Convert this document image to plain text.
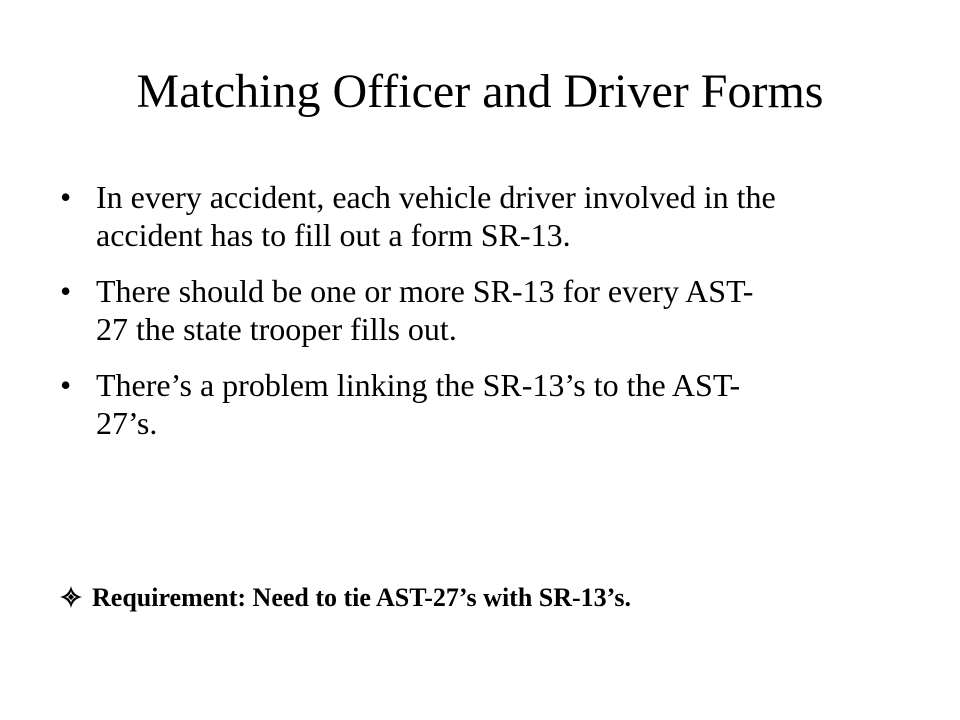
Matching Officer and Driver Forms
• In every accident, each vehicle driver involved in the
accident has to fill out a form SR-13.
• There should be one or more SR-13 for every AST-
27 the state trooper fills out.
• There’s a problem linking the SR-13’s to the AST-
27’s.
Requirement: Need to tie AST-27’s with SR-13’s.
